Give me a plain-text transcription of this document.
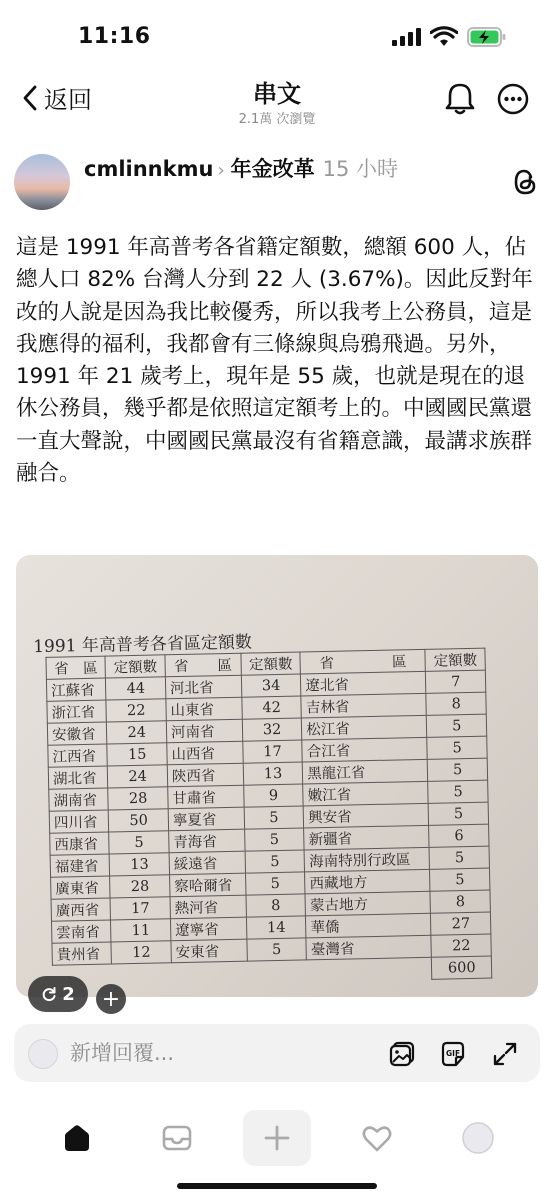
11:16
返回	串文
2.1萬 次瀏覽
cmlinnkmu › 年金改革 15 小時
這是 1991 年高普考各省籍定額數，總額 600 人，佔總人口 82% 台灣人分到 22 人 (3.67%)。因此反對年改的人說是因為我比較優秀，所以我考上公務員，這是我應得的福利，我都會有三條線與烏鴉飛過。另外，1991 年 21 歲考上，現年是 55 歲，也就是現在的退休公務員，幾乎都是依照這定額考上的。中國國民黨還一直大聲說，中國國民黨最沒有省籍意識，最講求族群融合。
1991 年高普考各省區定額數
省　區	定額數	省　　區	定額數	省　　　　區	定額數
江蘇省	44	河北省	34	遼北省	7
浙江省	22	山東省	42	吉林省	8
安徽省	24	河南省	32	松江省	5
江西省	15	山西省	17	合江省	5
湖北省	24	陝西省	13	黑龍江省	5
湖南省	28	甘肅省	9	嫩江省	5
四川省	50	寧夏省	5	興安省	5
西康省	5	青海省	5	新疆省	6
福建省	13	綏遠省	5	海南特別行政區	5
廣東省	28	察哈爾省	5	西藏地方	5
廣西省	17	熱河省	8	蒙古地方	8
雲南省	11	遼寧省	14	華僑	27
貴州省	12	安東省	5	臺灣省	22
					600
2 +
新增回覆...
GIF
